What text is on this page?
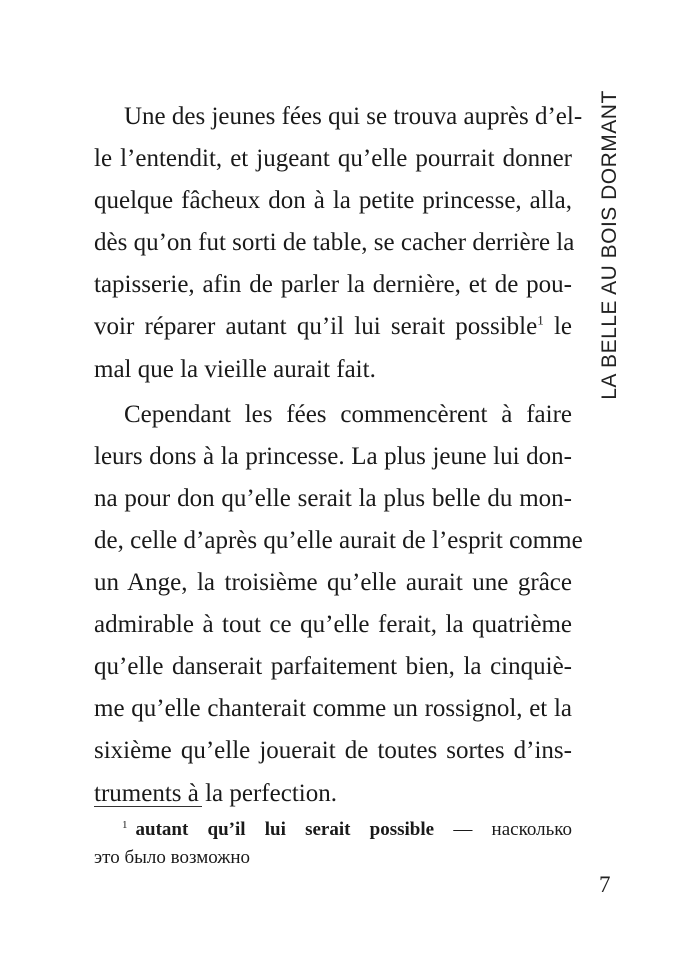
LA BELLE AU BOIS DORMANT
Une des jeunes fées qui se trouva auprès d’el-
le l’entendit, et jugeant qu’elle pourrait donner
quelque fâcheux don à la petite princesse, alla,
dès qu’on fut sorti de table, se cacher derrière la
tapisserie, afin de parler la dernière, et de pou-
voir réparer autant qu’il lui serait possible$^1$ le
mal que la vieille aurait fait.
Cependant les fées commencèrent à faire
leurs dons à la princesse. La plus jeune lui don-
na pour don qu’elle serait la plus belle du mon-
de, celle d’après qu’elle aurait de l’esprit comme
un Ange, la troisième qu’elle aurait une grâce
admirable à tout ce qu’elle ferait, la quatrième
qu’elle danserait parfaitement bien, la cinquiè-
me qu’elle chanterait comme un rossignol, et la
sixième qu’elle jouerait de toutes sortes d’ins-
truments à la perfection.
$^1$ autant qu’il lui serait possible — насколько
это было возможно
7
